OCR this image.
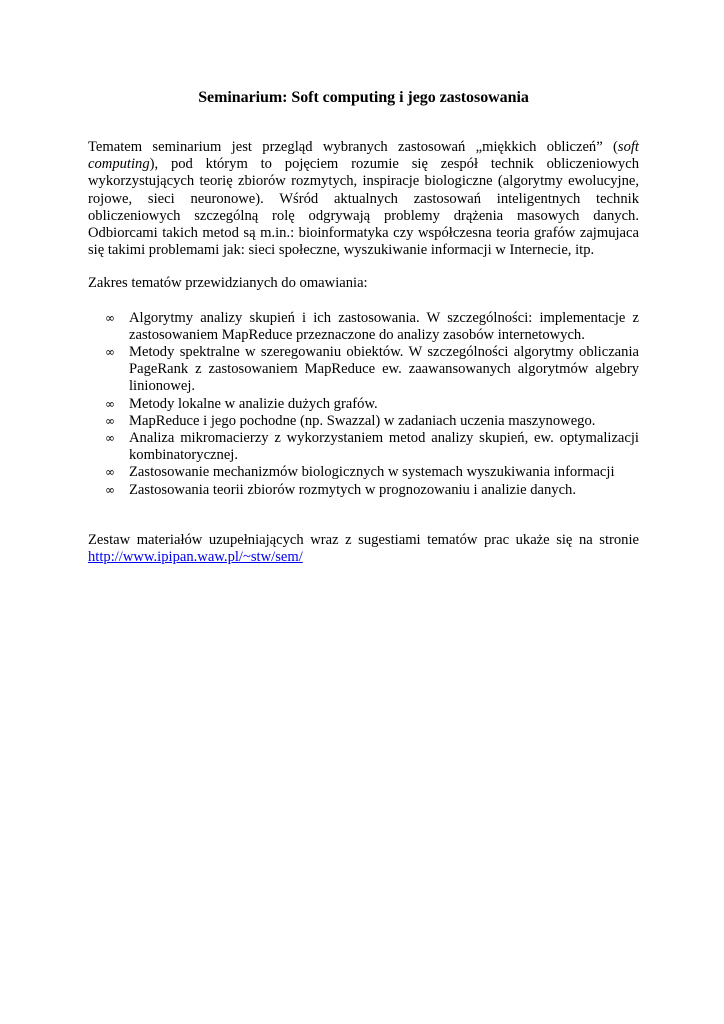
Seminarium: Soft computing i jego zastosowania

Tematem seminarium jest przegląd wybranych zastosowań „miękkich obliczeń” (soft computing), pod którym to pojęciem rozumie się zespół technik obliczeniowych wykorzystujących teorię zbiorów rozmytych, inspiracje biologiczne (algorytmy ewolucyjne, rojowe, sieci neuronowe). Wśród aktualnych zastosowań inteligentnych technik obliczeniowych szczególną rolę odgrywają problemy drążenia masowych danych. Odbiorcami takich metod są m.in.: bioinformatyka czy współczesna teoria grafów zajmujaca się takimi problemami jak: sieci społeczne, wyszukiwanie informacji w Internecie, itp.

Zakres tematów przewidzianych do omawiania:

∞ Algorytmy analizy skupień i ich zastosowania. W szczególności: implementacje z zastosowaniem MapReduce przeznaczone do analizy zasobów internetowych.
∞ Metody spektralne w szeregowaniu obiektów. W szczególności algorytmy obliczania PageRank z zastosowaniem MapReduce ew. zaawansowanych algorytmów algebry linionowej.
∞ Metody lokalne w analizie dużych grafów.
∞ MapReduce i jego pochodne (np. Swazzal) w zadaniach uczenia maszynowego.
∞ Analiza mikromacierzy z wykorzystaniem metod analizy skupień, ew. optymalizacji kombinatorycznej.
∞ Zastosowanie mechanizmów biologicznych w systemach wyszukiwania informacji
∞ Zastosowania teorii zbiorów rozmytych w prognozowaniu i analizie danych.

Zestaw materiałów uzupełniających wraz z sugestiami tematów prac ukaże się na stronie http://www.ipipan.waw.pl/~stw/sem/
